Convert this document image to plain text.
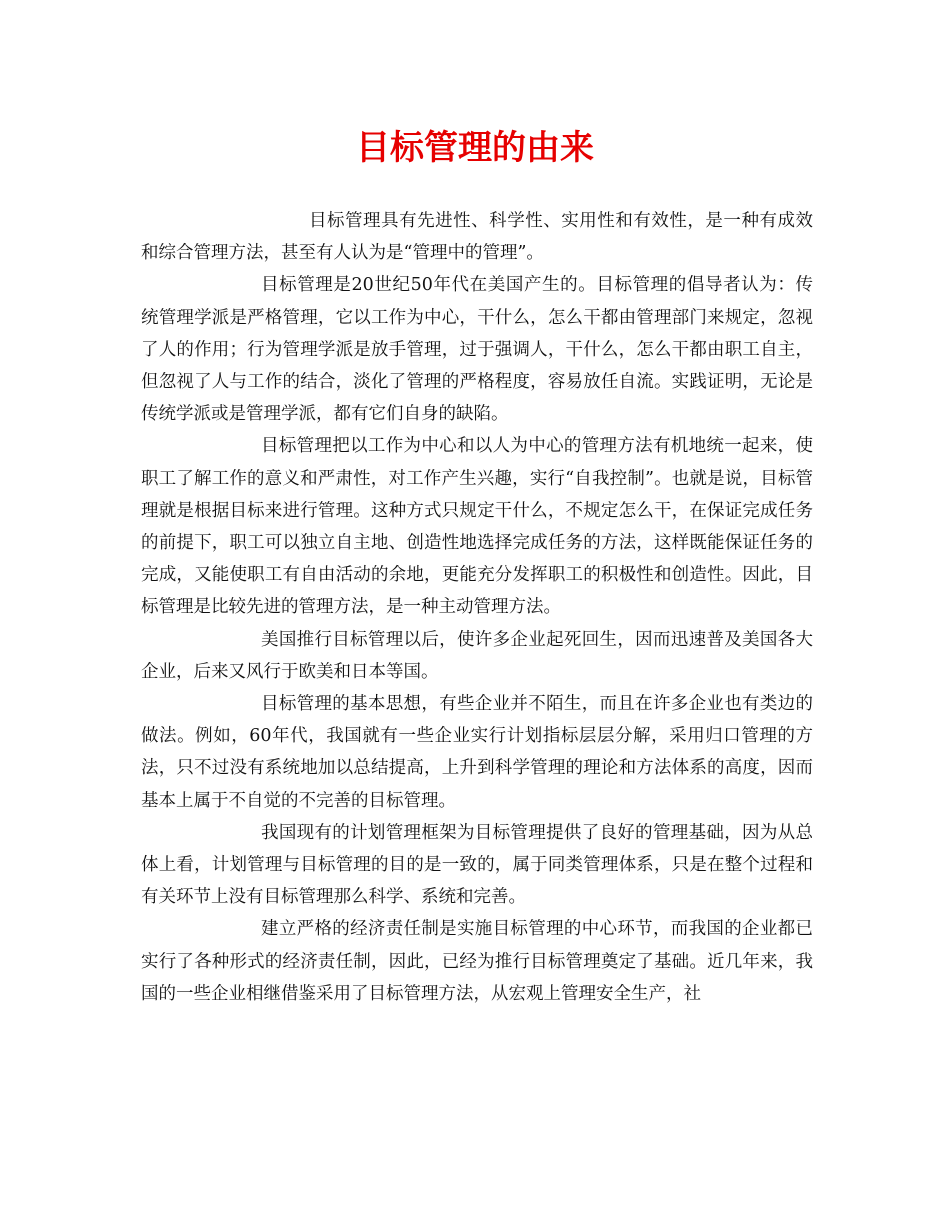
目标管理的由来

目标管理具有先进性、科学性、实用性和有效性，是一种有成效和综合管理方法，甚至有人认为是“管理中的管理”。

目标管理是20世纪50年代在美国产生的。目标管理的倡导者认为：传统管理学派是严格管理，它以工作为中心，干什么，怎么干都由管理部门来规定，忽视了人的作用；行为管理学派是放手管理，过于强调人，干什么，怎么干都由职工自主，但忽视了人与工作的结合，淡化了管理的严格程度，容易放任自流。实践证明，无论是传统学派或是管理学派，都有它们自身的缺陷。

目标管理把以工作为中心和以人为中心的管理方法有机地统一起来，使职工了解工作的意义和严肃性，对工作产生兴趣，实行“自我控制”。也就是说，目标管理就是根据目标来进行管理。这种方式只规定干什么，不规定怎么干，在保证完成任务的前提下，职工可以独立自主地、创造性地选择完成任务的方法，这样既能保证任务的完成，又能使职工有自由活动的余地，更能充分发挥职工的积极性和创造性。因此，目标管理是比较先进的管理方法，是一种主动管理方法。

美国推行目标管理以后，使许多企业起死回生，因而迅速普及美国各大企业，后来又风行于欧美和日本等国。

目标管理的基本思想，有些企业并不陌生，而且在许多企业也有类边的做法。例如，60年代，我国就有一些企业实行计划指标层层分解，采用归口管理的方法，只不过没有系统地加以总结提高，上升到科学管理的理论和方法体系的高度，因而基本上属于不自觉的不完善的目标管理。

我国现有的计划管理框架为目标管理提供了良好的管理基础，因为从总体上看，计划管理与目标管理的目的是一致的，属于同类管理体系，只是在整个过程和有关环节上没有目标管理那么科学、系统和完善。

建立严格的经济责任制是实施目标管理的中心环节，而我国的企业都已实行了各种形式的经济责任制，因此，已经为推行目标管理奠定了基础。近几年来，我国的一些企业相继借鉴采用了目标管理方法，从宏观上管理安全生产，社
